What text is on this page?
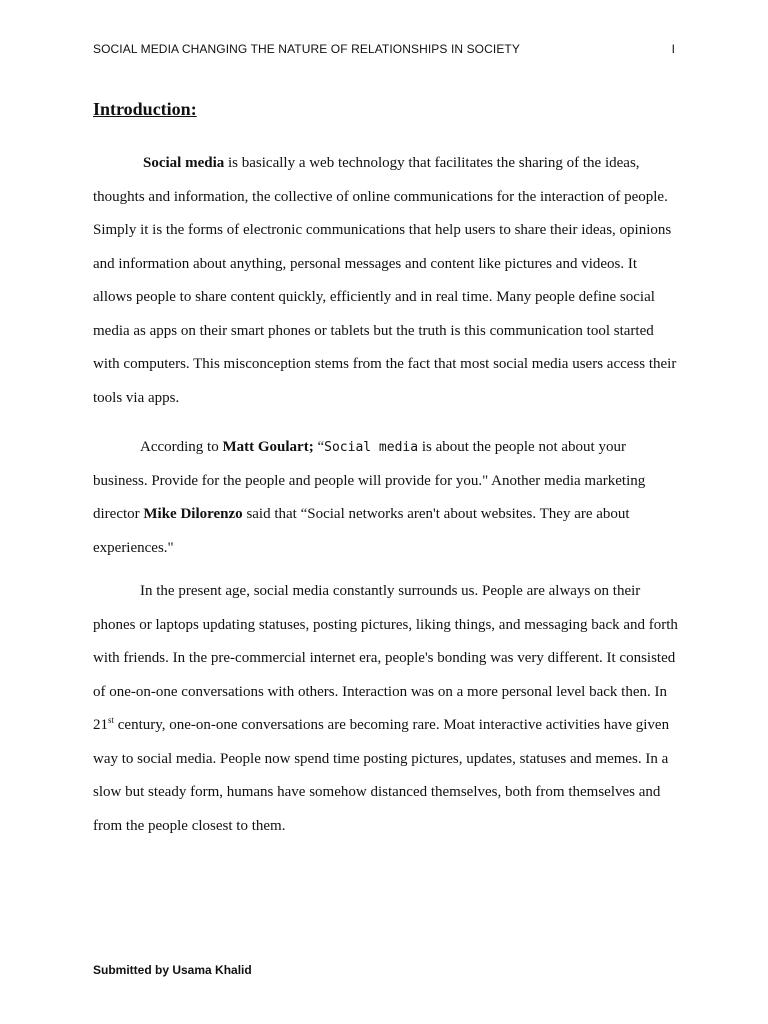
SOCIAL MEDIA CHANGING THE NATURE OF RELATIONSHIPS IN SOCIETY	I
Introduction:

Social media is basically a web technology that facilitates the sharing of the ideas, thoughts and information, the collective of online communications for the interaction of people. Simply it is the forms of electronic communications that help users to share their ideas, opinions and information about anything, personal messages and content like pictures and videos. It allows people to share content quickly, efficiently and in real time. Many people define social media as apps on their smart phones or tablets but the truth is this communication tool started with computers. This misconception stems from the fact that most social media users access their tools via apps.

According to Matt Goulart; “Social media is about the people not about your business. Provide for the people and people will provide for you." Another media marketing director Mike Dilorenzo said that “Social networks aren't about websites. They are about experiences."

In the present age, social media constantly surrounds us. People are always on their phones or laptops updating statuses, posting pictures, liking things, and messaging back and forth with friends. In the pre-commercial internet era, people's bonding was very different. It consisted of one-on-one conversations with others. Interaction was on a more personal level back then. In 21st century, one-on-one conversations are becoming rare. Moat interactive activities have given way to social media. People now spend time posting pictures, updates, statuses and memes. In a slow but steady form, humans have somehow distanced themselves, both from themselves and from the people closest to them.

Submitted by Usama Khalid
